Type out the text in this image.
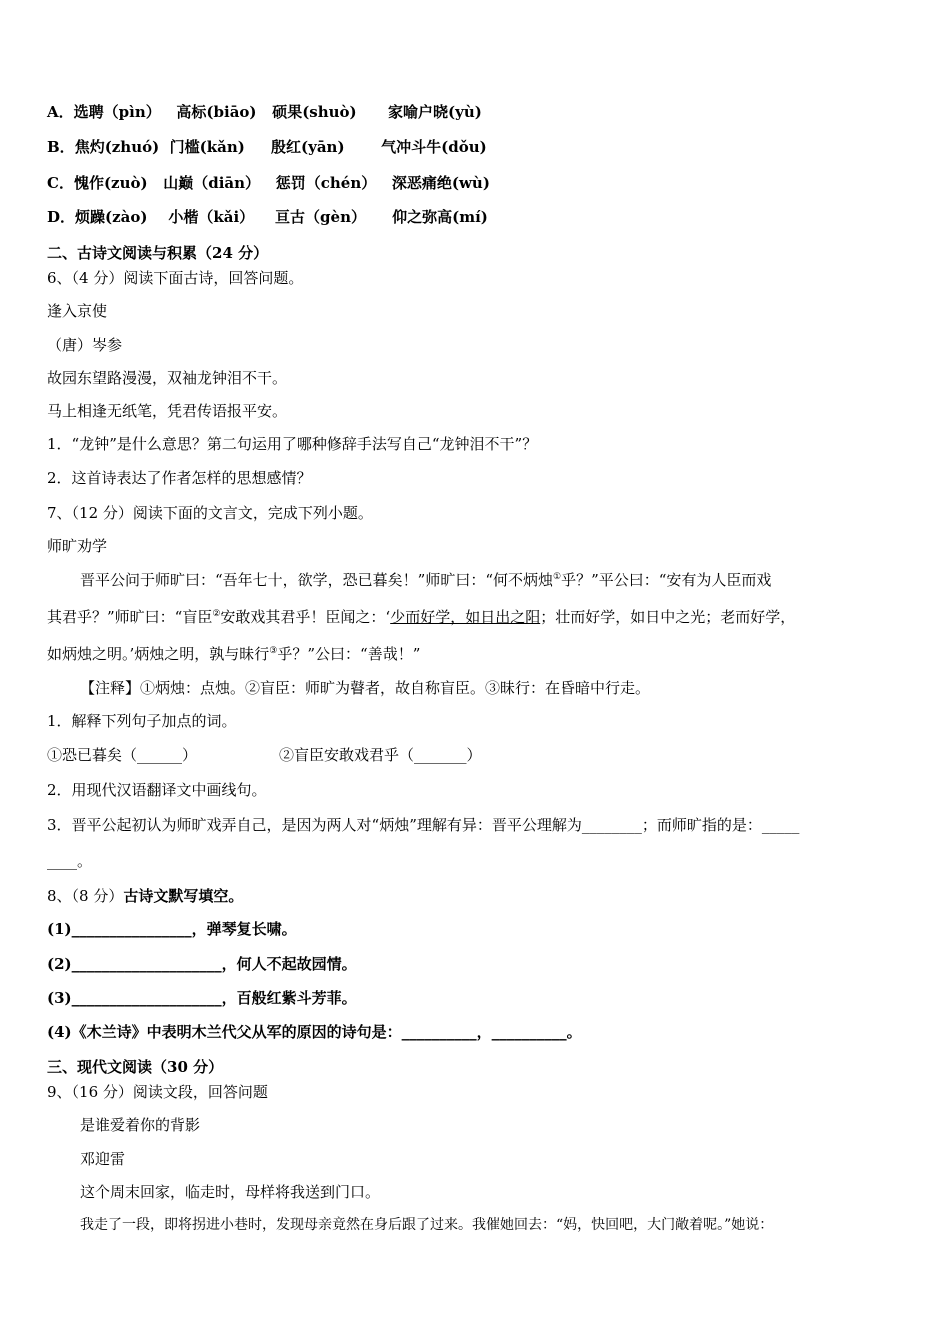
A．选聘（pìn） 高标(biāo) 硕果(shuò) 家喻户晓(yù)
B．焦灼(zhuó) 门槛(kǎn) 殷红(yān) 气冲斗牛(dǒu)
C．愧作(zuò) 山巅（diān） 惩罚（chén） 深恶痛绝(wù)
D．烦躁(zào) 小楷（kǎi） 亘古（gèn） 仰之弥高(mí)
二、古诗文阅读与积累（24 分）
6、（4 分）阅读下面古诗，回答问题。
逢入京使
（唐）岑参
故园东望路漫漫，双袖龙钟泪不干。
马上相逢无纸笔，凭君传语报平安。
1．“龙钟”是什么意思？第二句运用了哪种修辞手法写自己“龙钟泪不干”？
2．这首诗表达了作者怎样的思想感情？
7、（12 分）阅读下面的文言文，完成下列小题。
师旷劝学
晋平公问于师旷曰：“吾年七十，欲学，恐已暮矣！”师旷曰：“何不炳烛①乎？”平公曰：“安有为人臣而戏
其君乎？”师旷曰：“盲臣②安敢戏其君乎！臣闻之：‘少而好学，如日出之阳；壮而好学，如日中之光；老而好学，
如炳烛之明。’炳烛之明，孰与昧行③乎？”公曰：“善哉！”
【注释】①炳烛：点烛。②盲臣：师旷为瞽者，故自称盲臣。③昧行：在昏暗中行走。
1．解释下列句子加点的词。
①恐已暮矣（______）	②盲臣安敢戏君乎（_______）
2．用现代汉语翻译文中画线句。
3．晋平公起初认为师旷戏弄自己，是因为两人对“炳烛”理解有异：晋平公理解为________；而师旷指的是：_____
____。
8、（8 分）古诗文默写填空。
(1)________________，弹琴复长啸。
(2)____________________，何人不起故园情。
(3)____________________，百般红紫斗芳菲。
(4)《木兰诗》中表明木兰代父从军的原因的诗句是：__________，__________。
三、现代文阅读（30 分）
9、（16 分）阅读文段，回答问题
是谁爱着你的背影
邓迎雷
这个周末回家，临走时，母样将我送到门口。
我走了一段，即将拐进小巷时，发现母亲竟然在身后跟了过来。我催她回去：“妈，快回吧，大门敞着呢。”她说：
